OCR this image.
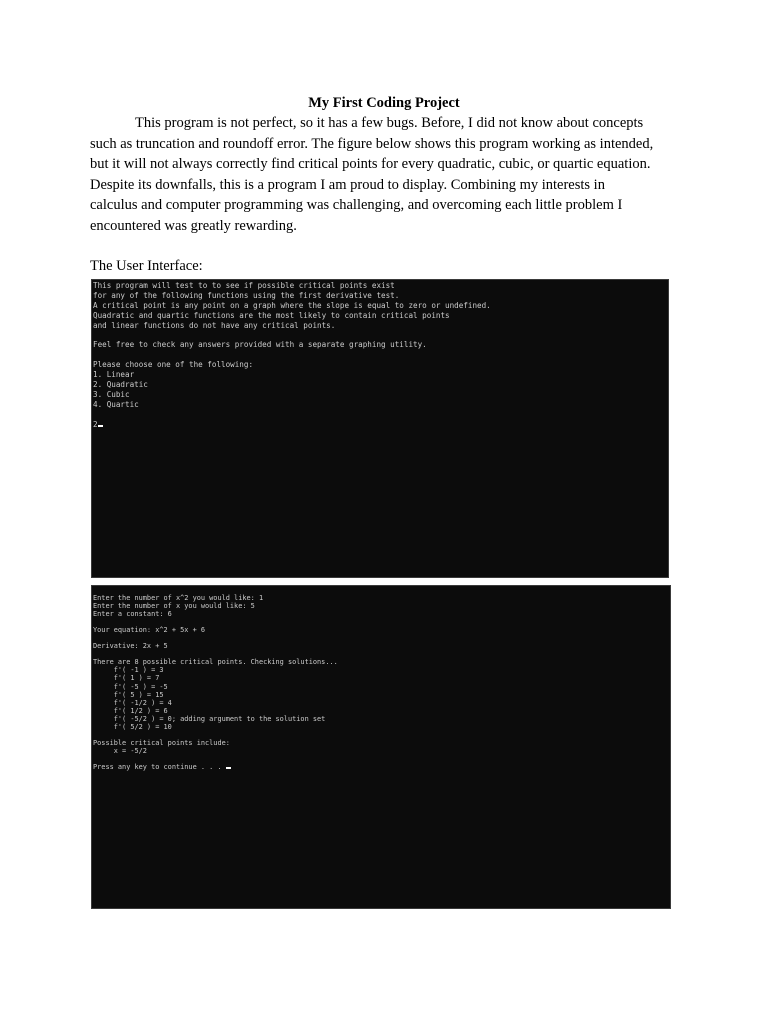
My First Coding Project

This program is not perfect, so it has a few bugs. Before, I did not know about concepts
such as truncation and roundoff error. The figure below shows this program working as intended,
but it will not always correctly find critical points for every quadratic, cubic, or quartic equation.
Despite its downfalls, this is a program I am proud to display. Combining my interests in
calculus and computer programming was challenging, and overcoming each little problem I
encountered was greatly rewarding.

The User Interface:
This program will test to to see if possible critical points exist
for any of the following functions using the first derivative test.
A critical point is any point on a graph where the slope is equal to zero or undefined.
Quadratic and quartic functions are the most likely to contain critical points
and linear functions do not have any critical points.
Feel free to check any answers provided with a separate graphing utility.
Please choose one of the following:
1. Linear
2. Quadratic
3. Cubic
4. Quartic
2
Enter the number of x^2 you would like: 1
Enter the number of x you would like: 5
Enter a constant: 6
Your equation: x^2 + 5x + 6
Derivative: 2x + 5
There are 8 possible critical points. Checking solutions...
f'( -1 ) = 3
f'( 1 ) = 7
f'( -5 ) = -5
f'( 5 ) = 15
f'( -1/2 ) = 4
f'( 1/2 ) = 6
f'( -5/2 ) = 0; adding argument to the solution set
f'( 5/2 ) = 10
Possible critical points include:
x = -5/2
Press any key to continue . . .
